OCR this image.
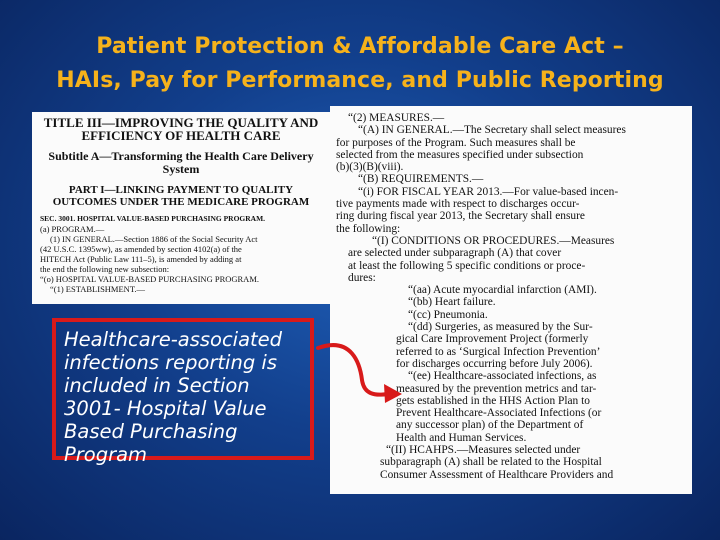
Patient Protection & Affordable Care Act –
HAIs, Pay for Performance, and Public Reporting
TITLE III—IMPROVING THE QUALITY AND EFFICIENCY OF HEALTH CARE
Subtitle A—Transforming the Health Care Delivery System
PART I—LINKING PAYMENT TO QUALITY OUTCOMES UNDER THE MEDICARE PROGRAM
SEC. 3001. HOSPITAL VALUE-BASED PURCHASING PROGRAM.
(a) PROGRAM.—
(1) IN GENERAL.—Section 1886 of the Social Security Act
(42 U.S.C. 1395ww), as amended by section 4102(a) of the
HITECH Act (Public Law 111–5), is amended by adding at
the end the following new subsection:
“(o) HOSPITAL VALUE-BASED PURCHASING PROGRAM.
“(1) ESTABLISHMENT.—
“(2) MEASURES.—
“(A) IN GENERAL.—The Secretary shall select measures
for purposes of the Program. Such measures shall be
selected from the measures specified under subsection
(b)(3)(B)(viii).
“(B) REQUIREMENTS.—
“(i) FOR FISCAL YEAR 2013.—For value-based incen-
tive payments made with respect to discharges occur-
ring during fiscal year 2013, the Secretary shall ensure
the following:
“(I) CONDITIONS OR PROCEDURES.—Measures
are selected under subparagraph (A) that cover
at least the following 5 specific conditions or proce-
dures:
“(aa) Acute myocardial infarction (AMI).
“(bb) Heart failure.
“(cc) Pneumonia.
“(dd) Surgeries, as measured by the Sur-
gical Care Improvement Project (formerly
referred to as ‘Surgical Infection Prevention’
for discharges occurring before July 2006).
“(ee) Healthcare-associated infections, as
measured by the prevention metrics and tar-
gets established in the HHS Action Plan to
Prevent Healthcare-Associated Infections (or
any successor plan) of the Department of
Health and Human Services.
“(II) HCAHPS.—Measures selected under
subparagraph (A) shall be related to the Hospital
Consumer Assessment of Healthcare Providers and
Healthcare-associated infections reporting is included in Section 3001- Hospital Value Based Purchasing Program
